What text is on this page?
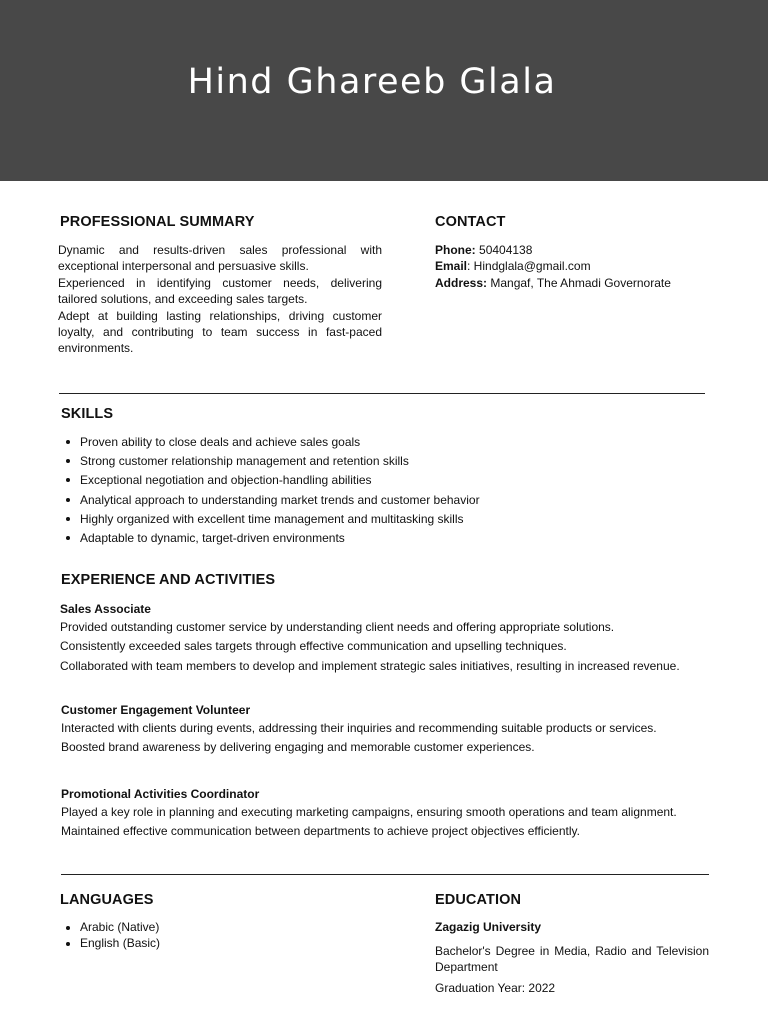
Hind Ghareeb Glala
PROFESSIONAL SUMMARY
Dynamic and results-driven sales professional with exceptional interpersonal and persuasive skills.
Experienced in identifying customer needs, delivering tailored solutions, and exceeding sales targets.
Adept at building lasting relationships, driving customer loyalty, and contributing to team success in fast-paced environments.
CONTACT
Phone: 50404138
Email: Hindglala@gmail.com
Address: Mangaf, The Ahmadi Governorate
SKILLS
Proven ability to close deals and achieve sales goals
Strong customer relationship management and retention skills
Exceptional negotiation and objection-handling abilities
Analytical approach to understanding market trends and customer behavior
Highly organized with excellent time management and multitasking skills
Adaptable to dynamic, target-driven environments
EXPERIENCE AND ACTIVITIES
Sales Associate
Provided outstanding customer service by understanding client needs and offering appropriate solutions.
Consistently exceeded sales targets through effective communication and upselling techniques.
Collaborated with team members to develop and implement strategic sales initiatives, resulting in increased revenue.
Customer Engagement Volunteer
Interacted with clients during events, addressing their inquiries and recommending suitable products or services.
Boosted brand awareness by delivering engaging and memorable customer experiences.
Promotional Activities Coordinator
Played a key role in planning and executing marketing campaigns, ensuring smooth operations and team alignment.
Maintained effective communication between departments to achieve project objectives efficiently.
LANGUAGES
Arabic (Native)
English (Basic)
EDUCATION
Zagazig University
Bachelor's Degree in Media, Radio and Television Department
Graduation Year: 2022
